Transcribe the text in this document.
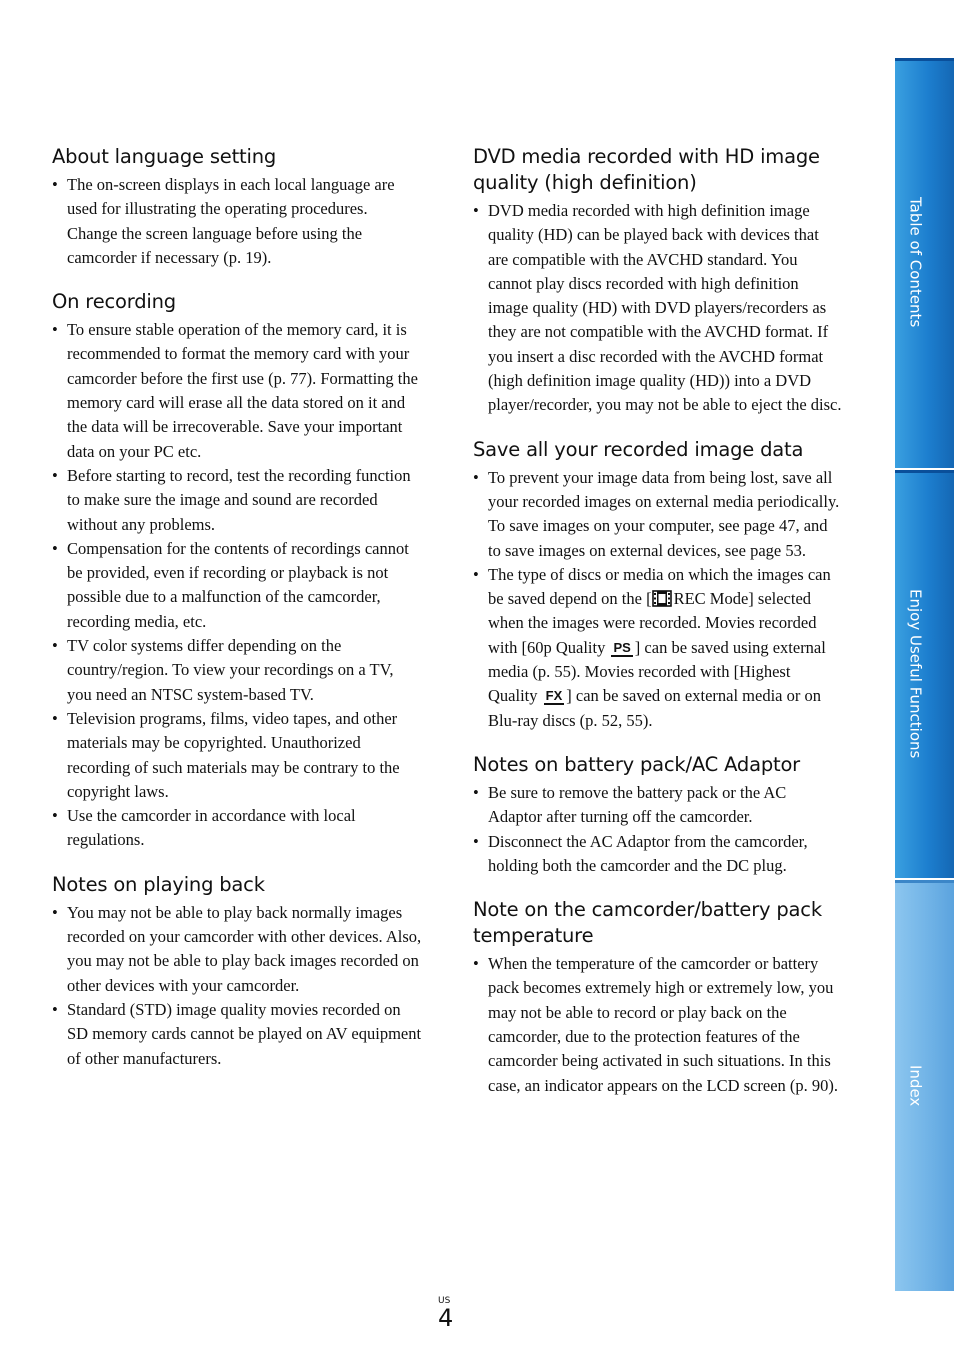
About language setting
• The on-screen displays in each local language are used for illustrating the operating procedures. Change the screen language before using the camcorder if necessary (p. 19).
On recording
• To ensure stable operation of the memory card, it is recommended to format the memory card with your camcorder before the first use (p. 77). Formatting the memory card will erase all the data stored on it and the data will be irrecoverable. Save your important data on your PC etc.
• Before starting to record, test the recording function to make sure the image and sound are recorded without any problems.
• Compensation for the contents of recordings cannot be provided, even if recording or playback is not possible due to a malfunction of the camcorder, recording media, etc.
• TV color systems differ depending on the country/region. To view your recordings on a TV, you need an NTSC system-based TV.
• Television programs, films, video tapes, and other materials may be copyrighted. Unauthorized recording of such materials may be contrary to the copyright laws.
• Use the camcorder in accordance with local regulations.
Notes on playing back
• You may not be able to play back normally images recorded on your camcorder with other devices. Also, you may not be able to play back images recorded on other devices with your camcorder.
• Standard (STD) image quality movies recorded on SD memory cards cannot be played on AV equipment of other manufacturers.
DVD media recorded with HD image quality (high definition)
• DVD media recorded with high definition image quality (HD) can be played back with devices that are compatible with the AVCHD standard. You cannot play discs recorded with high definition image quality (HD) with DVD players/recorders as they are not compatible with the AVCHD format. If you insert a disc recorded with the AVCHD format (high definition image quality (HD)) into a DVD player/recorder, you may not be able to eject the disc.
Save all your recorded image data
• To prevent your image data from being lost, save all your recorded images on external media periodically. To save images on your computer, see page 47, and to save images on external devices, see page 53.
• The type of discs or media on which the images can be saved depend on the [ REC Mode] selected when the images were recorded. Movies recorded with [60p Quality PS ] can be saved using external media (p. 55). Movies recorded with [Highest Quality FX ] can be saved on external media or on Blu-ray discs (p. 52, 55).
Notes on battery pack/AC Adaptor
• Be sure to remove the battery pack or the AC Adaptor after turning off the camcorder.
• Disconnect the AC Adaptor from the camcorder, holding both the camcorder and the DC plug.
Note on the camcorder/battery pack temperature
• When the temperature of the camcorder or battery pack becomes extremely high or extremely low, you may not be able to record or play back on the camcorder, due to the protection features of the camcorder being activated in such situations. In this case, an indicator appears on the LCD screen (p. 90).
Table of Contents
Enjoy Useful Functions
Index
US
4
